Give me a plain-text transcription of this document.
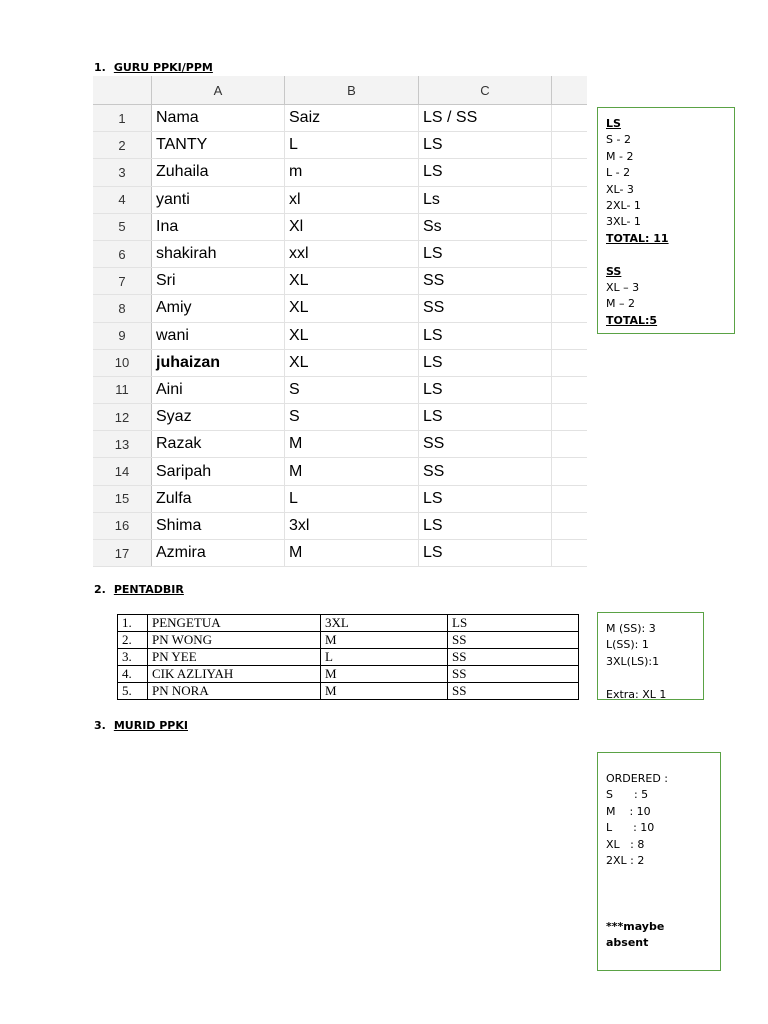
1. GURU PPKI/PPM
A	B	C
1	Nama	Saiz	LS / SS
2	TANTY	L	LS
3	Zuhaila	m	LS
4	yanti	xl	Ls
5	Ina	Xl	Ss
6	shakirah	xxl	LS
7	Sri	XL	SS
8	Amiy	XL	SS
9	wani	XL	LS
10	juhaizan	XL	LS
11	Aini	S	LS
12	Syaz	S	LS
13	Razak	M	SS
14	Saripah	M	SS
15	Zulfa	L	LS
16	Shima	3xl	LS
17	Azmira	M	LS
LS
S - 2
M - 2
L - 2
XL- 3
2XL- 1
3XL- 1
TOTAL: 11
SS
XL – 3
M – 2
TOTAL:5
2. PENTADBIR
1.	PENGETUA	3XL	LS
2.	PN WONG	M	SS
3.	PN YEE	L	SS
4.	CIK AZLIYAH	M	SS
5.	PN NORA	M	SS
M (SS): 3
L(SS): 1
3XL(LS):1
Extra: XL 1
3. MURID PPKI
ORDERED :
S      : 5
M    : 10
L      : 10
XL   : 8
2XL : 2
***maybe
absent
